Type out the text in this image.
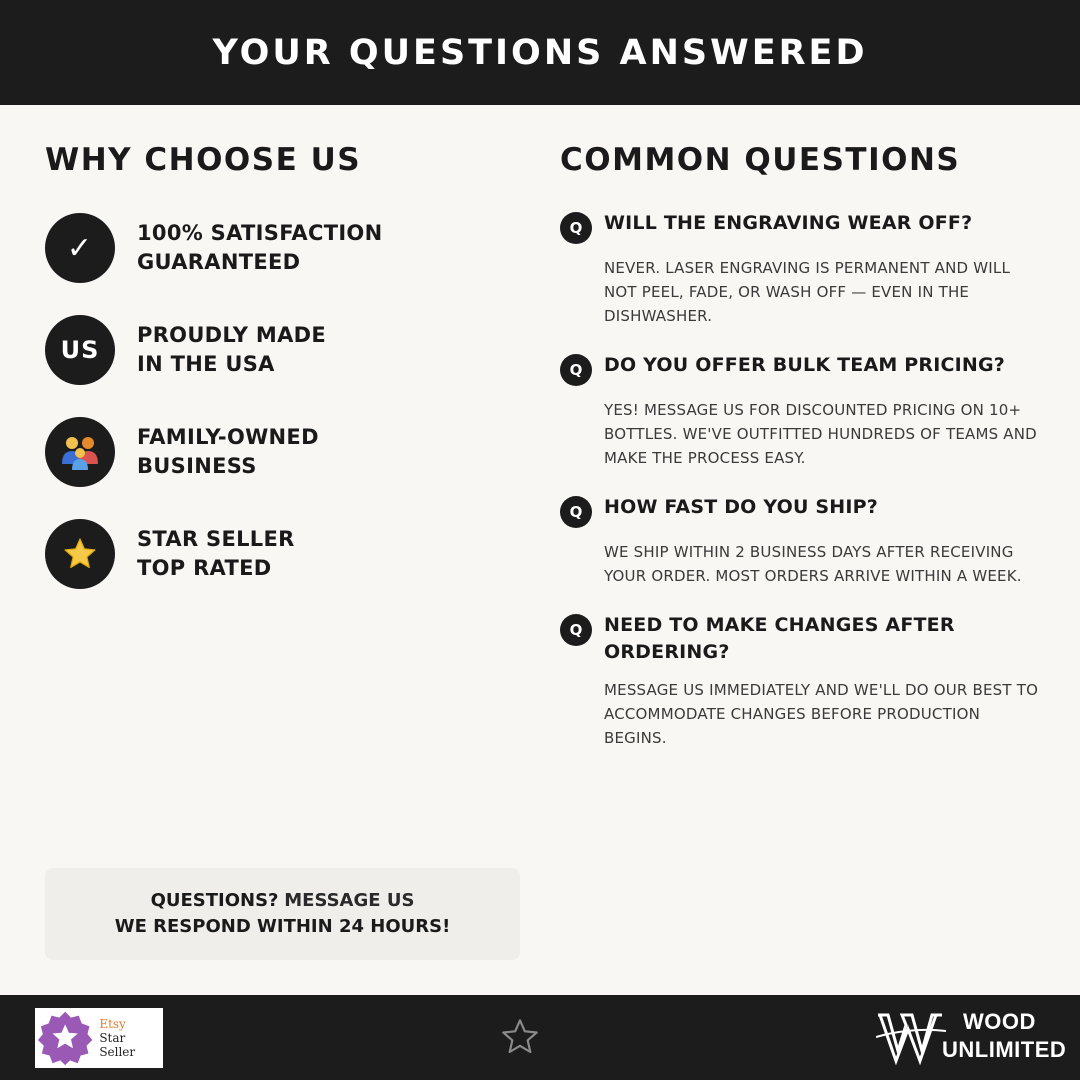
YOUR QUESTIONS ANSWERED
WHY CHOOSE US	COMMON QUESTIONS
✓ 100% SATISFACTION
GUARANTEED
US
PROUDLY MADE
IN THE USA
FAMILY-OWNED
BUSINESS
STAR SELLER
TOP RATED
Q	WILL THE ENGRAVING WEAR OFF?
NEVER. LASER ENGRAVING IS PERMANENT AND WILL NOT PEEL, FADE, OR WASH OFF — EVEN IN THE DISHWASHER.
Q	DO YOU OFFER BULK TEAM PRICING?
YES! MESSAGE US FOR DISCOUNTED PRICING ON 10+ BOTTLES. WE'VE OUTFITTED HUNDREDS OF TEAMS AND MAKE THE PROCESS EASY.
Q	HOW FAST DO YOU SHIP?
WE SHIP WITHIN 2 BUSINESS DAYS AFTER RECEIVING YOUR ORDER. MOST ORDERS ARRIVE WITHIN A WEEK.
Q	NEED TO MAKE CHANGES AFTER ORDERING?
MESSAGE US IMMEDIATELY AND WE'LL DO OUR BEST TO ACCOMMODATE CHANGES BEFORE PRODUCTION BEGINS.
QUESTIONS? MESSAGE US
WE RESPOND WITHIN 24 HOURS!
Etsy
Star Seller
WOOD
UNLIMITED
